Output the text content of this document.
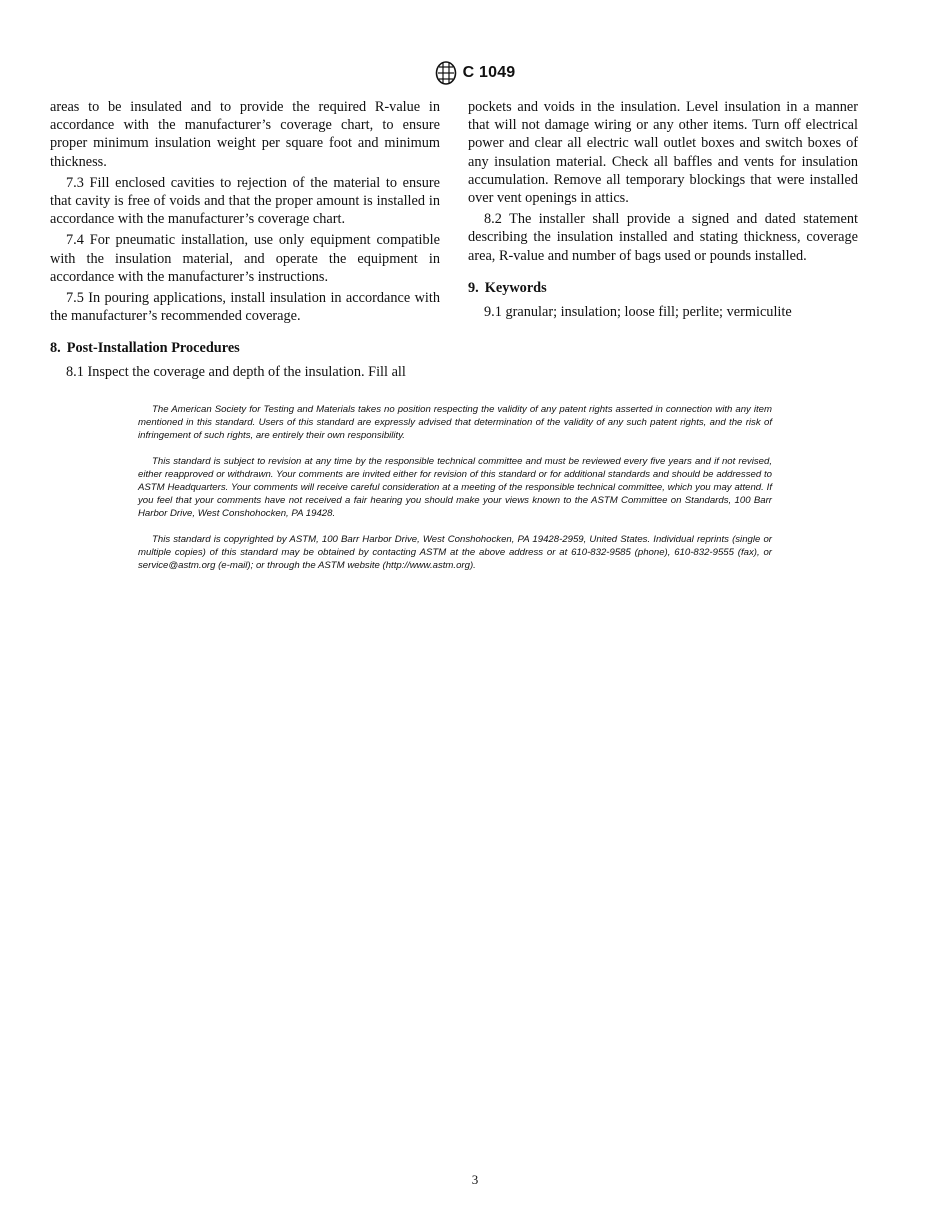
C 1049

areas to be insulated and to provide the required R-value in accordance with the manufacturer’s coverage chart, to ensure proper minimum insulation weight per square foot and minimum thickness.

7.3 Fill enclosed cavities to rejection of the material to ensure that cavity is free of voids and that the proper amount is installed in accordance with the manufacturer’s coverage chart.

7.4 For pneumatic installation, use only equipment compatible with the insulation material, and operate the equipment in accordance with the manufacturer’s instructions.

7.5 In pouring applications, install insulation in accordance with the manufacturer’s recommended coverage.

8. Post-Installation Procedures

8.1 Inspect the coverage and depth of the insulation. Fill all

pockets and voids in the insulation. Level insulation in a manner that will not damage wiring or any other items. Turn off electrical power and clear all electric wall outlet boxes and switch boxes of any insulation material. Check all baffles and vents for insulation accumulation. Remove all temporary blockings that were installed over vent openings in attics.

8.2 The installer shall provide a signed and dated statement describing the insulation installed and stating thickness, coverage area, R-value and number of bags used or pounds installed.

9. Keywords

9.1 granular; insulation; loose fill; perlite; vermiculite

The American Society for Testing and Materials takes no position respecting the validity of any patent rights asserted in connection with any item mentioned in this standard. Users of this standard are expressly advised that determination of the validity of any such patent rights, and the risk of infringement of such rights, are entirely their own responsibility.

This standard is subject to revision at any time by the responsible technical committee and must be reviewed every five years and if not revised, either reapproved or withdrawn. Your comments are invited either for revision of this standard or for additional standards and should be addressed to ASTM Headquarters. Your comments will receive careful consideration at a meeting of the responsible technical committee, which you may attend. If you feel that your comments have not received a fair hearing you should make your views known to the ASTM Committee on Standards, 100 Barr Harbor Drive, West Conshohocken, PA 19428.

This standard is copyrighted by ASTM, 100 Barr Harbor Drive, West Conshohocken, PA 19428-2959, United States. Individual reprints (single or multiple copies) of this standard may be obtained by contacting ASTM at the above address or at 610-832-9585 (phone), 610-832-9555 (fax), or service@astm.org (e-mail); or through the ASTM website (http://www.astm.org).

3
